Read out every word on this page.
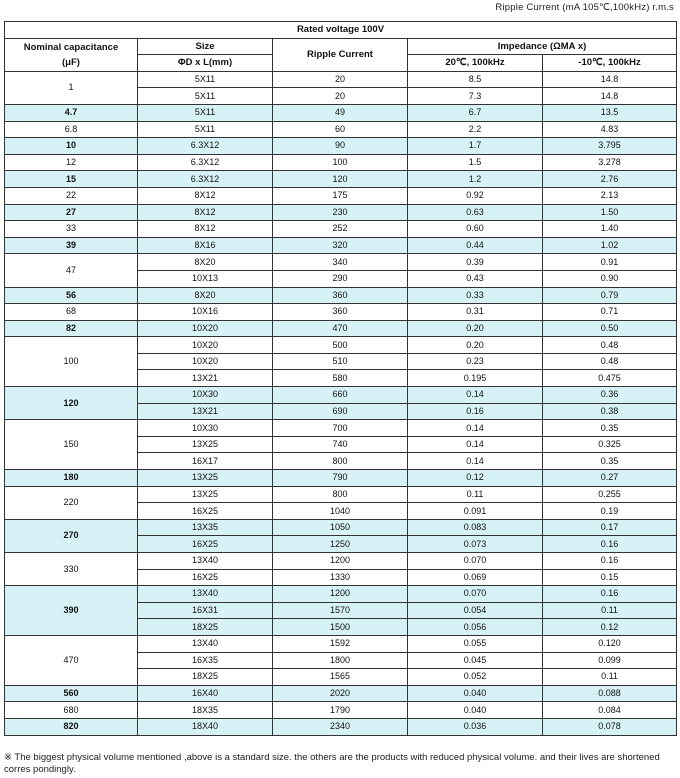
Ripple Current (mA 105℃,100kHz) r.m.s
Rated voltage 100V				

Nominal capacitance
(μF)	Size	Ripple Current	Impedance (ΩMA x)	
	ΦD x L(mm)		20℃, 100kHz	-10℃, 100kHz
1	5X11	20	8.5	14.8
	5X11	20	7.3	14.8
4.7	5X11	49	6.7	13.5
6.8	5X11	60	2.2	4.83
10	6.3X12	90	1.7	3.795
12	6.3X12	100	1.5	3.278
15	6.3X12	120	1.2	2.76
22	8X12	175	0.92	2.13
27	8X12	230	0.63	1.50
33	8X12	252	0.60	1.40
39	8X16	320	0.44	1.02
47	8X20	340	0.39	0.91
	10X13	290	0.43	0.90
56	8X20	360	0.33	0.79
68	10X16	360	0.31	0.71
82	10X20	470	0.20	0.50
100	10X20	500	0.20	0.48
	10X20	510	0.23	0.48
	13X21	580	0.195	0.475
120	10X30	660	0.14	0.36
	13X21	690	0.16	0.38
150	10X30	700	0.14	0.35
	13X25	740	0.14	0.325
	16X17	800	0.14	0.35
180	13X25	790	0.12	0.27
220	13X25	800	0.11	0.255
	16X25	1040	0.091	0.19
270	13X35	1050	0.083	0.17
	16X25	1250	0.073	0.16
330	13X40	1200	0.070	0.16
	16X25	1330	0.069	0.15
390	13X40	1200	0.070	0.16
	16X31	1570	0.054	0.11
	18X25	1500	0.056	0.12
470	13X40	1592	0.055	0.120
	16X35	1800	0.045	0.099
	18X25	1565	0.052	0.11
560	16X40	2020	0.040	0.088
680	18X35	1790	0.040	0.084
820	18X40	2340	0.036	0.078
※ The biggest physical volume mentioned ,above is a standard size. the others are the products with reduced physical volume. and their lives are shortened corres pondingly.
